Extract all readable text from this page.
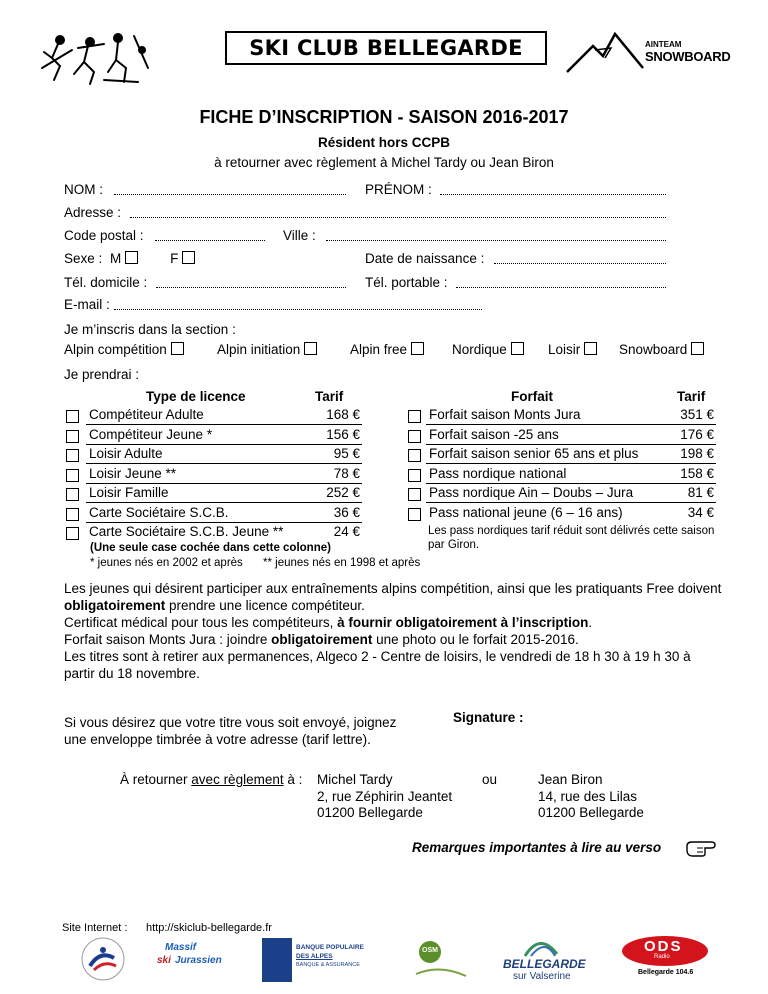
SKI CLUB BELLEGARDE	AINTEAM
SNOWBOARD
FICHE D’INSCRIPTION - SAISON 2016-2017
Résident hors CCPB
à retourner avec règlement à Michel Tardy ou Jean Biron
NOM :	PRÉNOM :
Adresse :
Code postal :	Ville :
Sexe : M	F	Date de naissance :
Tél. domicile :	Tél. portable :
E-mail :
Je m’inscris dans la section :
Alpin compétition	Alpin initiation	Alpin free	Nordique	Loisir	Snowboard
Je prendrai :
Type de licence	Tarif
Compétiteur Adulte	168 €
Compétiteur Jeune *	156 €
Loisir Adulte	95 €
Loisir Jeune **	78 €
Loisir Famille	252 €
Carte Sociétaire S.C.B.	36 €
Carte Sociétaire S.C.B. Jeune **	24 €
(Une seule case cochée dans cette colonne)
* jeunes nés en 2002 et après ** jeunes nés en 1998 et après
Forfait	Tarif
Forfait saison Monts Jura	351 €
Forfait saison -25 ans	176 €
Forfait saison senior 65 ans et plus	198 €
Pass nordique national	158 €
Pass nordique Ain – Doubs – Jura	81 €
Pass national jeune (6 – 16 ans)	34 €
Les pass nordiques tarif réduit sont délivrés cette saison par Giron.
Les jeunes qui désirent participer aux entraînements alpins compétition, ainsi que les pratiquants Free doivent obligatoirement prendre une licence compétiteur.
Certificat médical pour tous les compétiteurs, à fournir obligatoirement à l’inscription.
Forfait saison Monts Jura : joindre obligatoirement une photo ou le forfait 2015-2016.
Les titres sont à retirer aux permanences, Algeco 2 - Centre de loisirs, le vendredi de 18 h 30 à 19 h 30 à partir du 18 novembre.
Si vous désirez que votre titre vous soit envoyé, joignez une enveloppe timbrée à votre adresse (tarif lettre).
Signature :
À retourner avec règlement à : Michel Tardy
2, rue Zéphirin Jeantet
01200 Bellegarde
ou	Jean Biron
14, rue des Lilas
01200 Bellegarde
Remarques importantes à lire au verso
Site Internet : http://skiclub-bellegarde.fr
Massif
ski Jurassien
BANQUE POPULAIRE
DES ALPES
BANQUE & ASSURANCE
OSM
BELLEGARDE
sur Valserine
ODS
Radio
Bellegarde 104.6
